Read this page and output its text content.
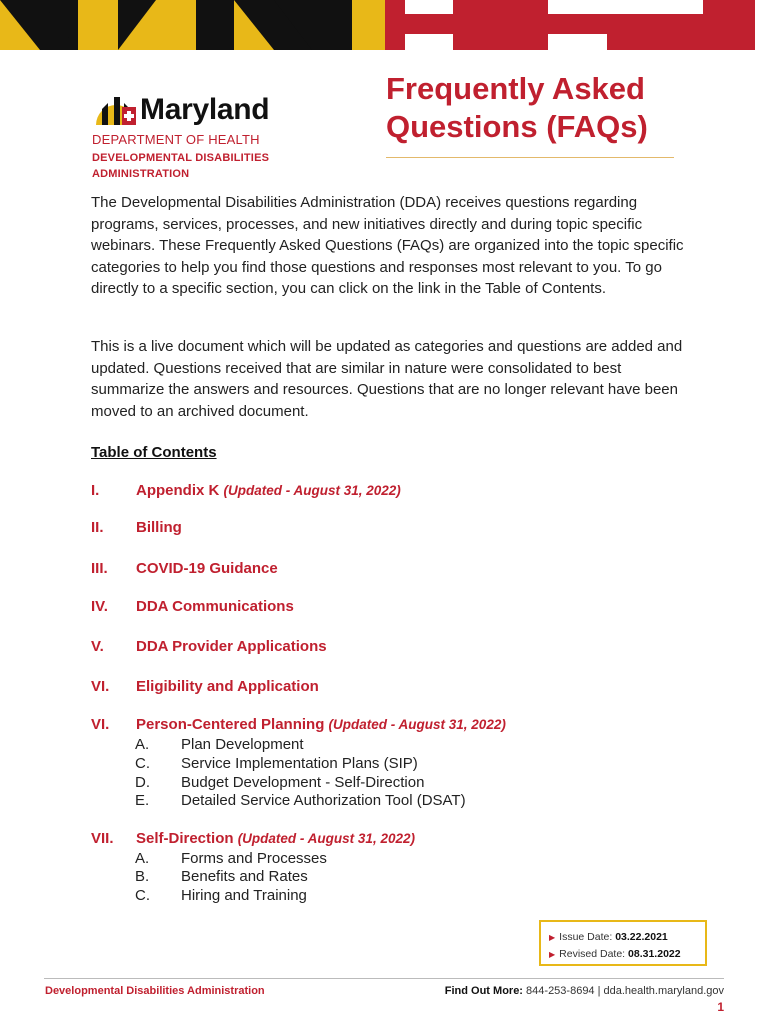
Maryland
DEPARTMENT OF HEALTH
DEVELOPMENTAL DISABILITIES
ADMINISTRATION
Frequently Asked
Questions (FAQs)

The Developmental Disabilities Administration (DDA) receives questions regarding programs, services, processes, and new initiatives directly and during topic specific webinars. These Frequently Asked Questions (FAQs) are organized into the topic specific categories to help you find those questions and responses most relevant to you. To go directly to a specific section, you can click on the link in the Table of Contents.

This is a live document which will be updated as categories and questions are added and updated. Questions received that are similar in nature were consolidated to best summarize the answers and resources. Questions that are no longer relevant have been moved to an archived document.

Table of Contents
I. Appendix K (Updated - August 31, 2022)
II. Billing
III. COVID-19 Guidance
IV. DDA Communications
V. DDA Provider Applications
VI. Eligibility and Application
VI. Person-Centered Planning (Updated - August 31, 2022)
A. Plan Development
C. Service Implementation Plans (SIP)
D. Budget Development - Self-Direction
E. Detailed Service Authorization Tool (DSAT)
VII. Self-Direction (Updated - August 31, 2022)
A. Forms and Processes
B. Benefits and Rates
C. Hiring and Training
▶ Issue Date: 03.22.2021
▶ Revised Date: 08.31.2022
Developmental Disabilities Administration	Find Out More: 844-253-8694 | dda.health.maryland.gov
1
